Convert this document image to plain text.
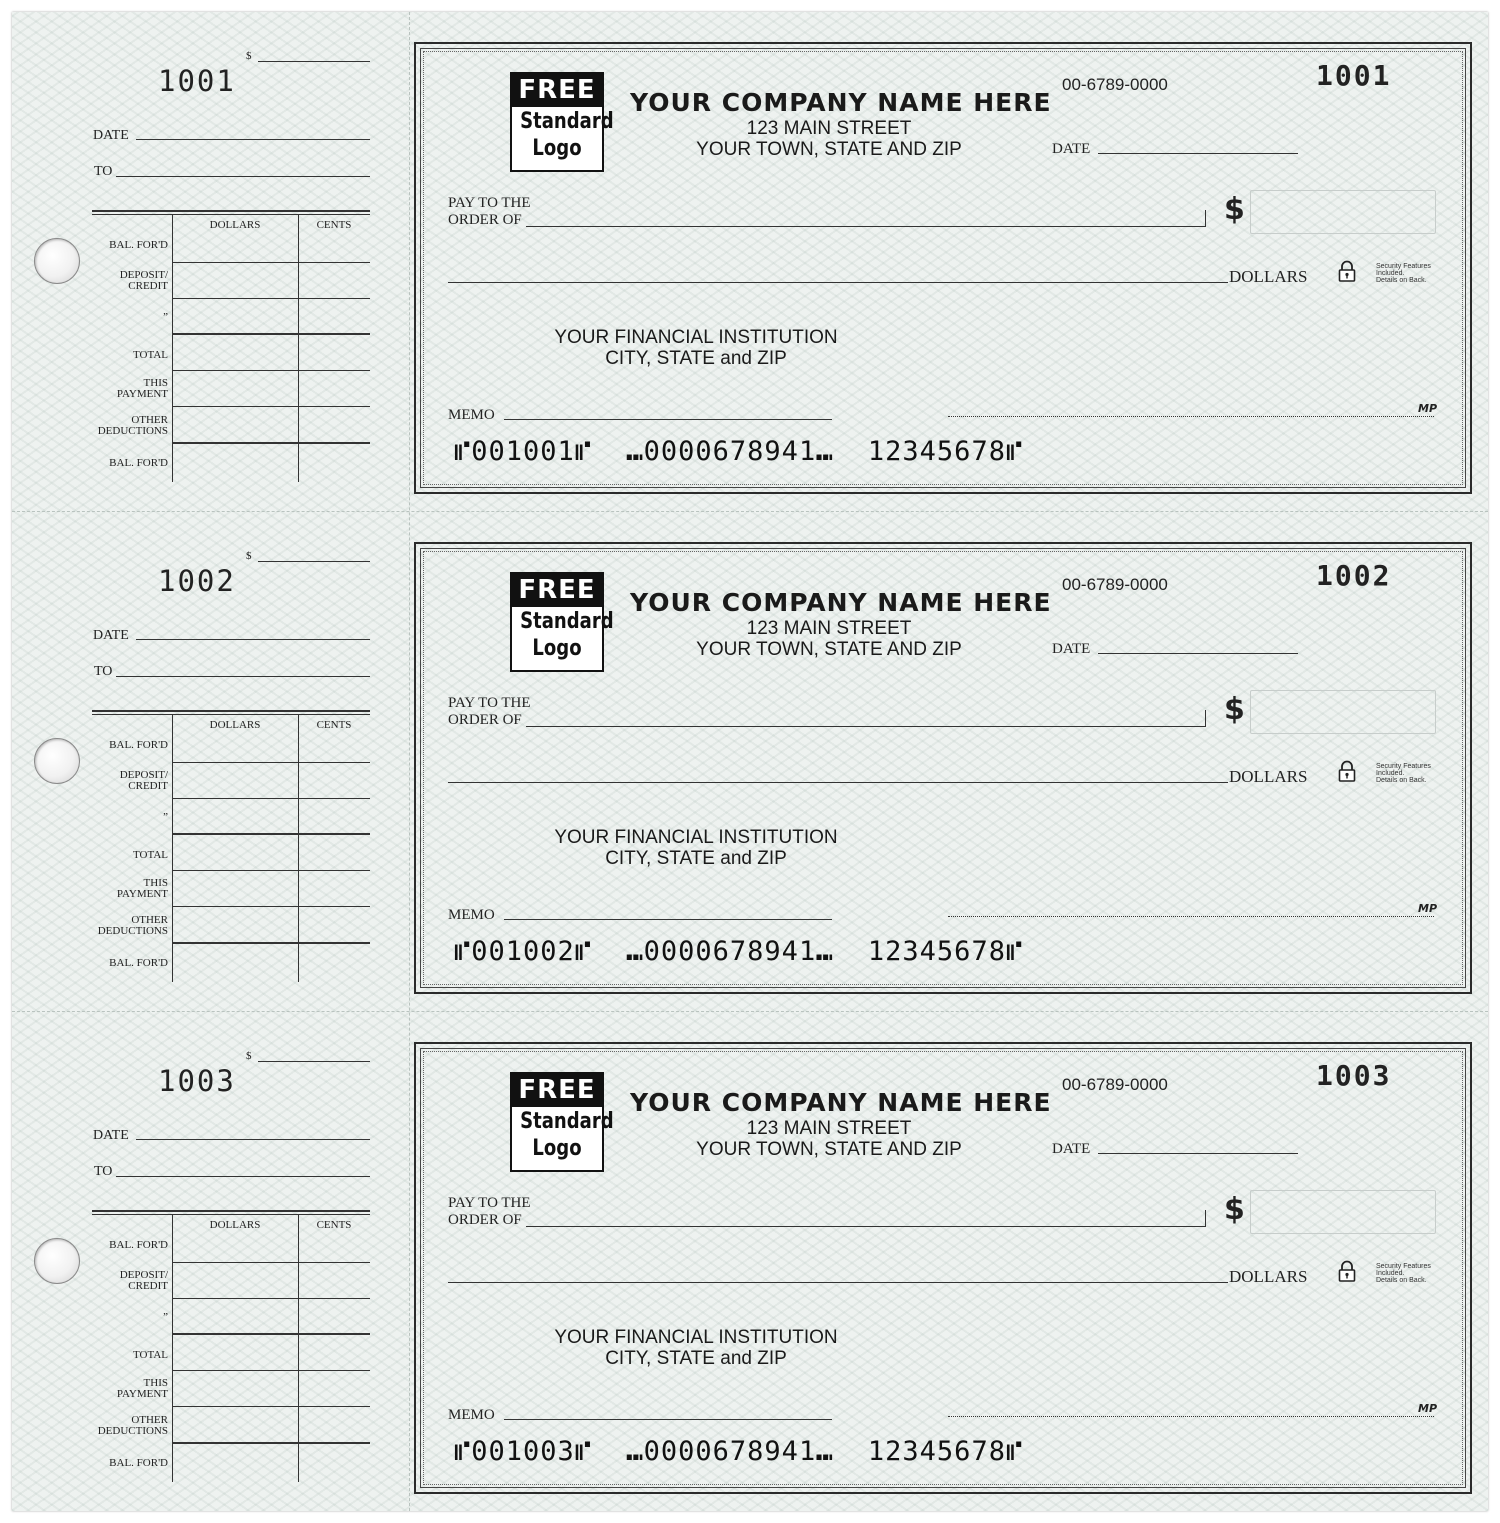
$
1001
DATE
TO
DOLLARS	CENTS
BAL. FOR'D
DEPOSIT/ CREDIT
”
TOTAL
THIS PAYMENT
OTHER DEDUCTIONS
BAL. FOR'D
FREE
Standard
Logo
YOUR COMPANY NAME HERE
123 MAIN STREET
YOUR TOWN, STATE AND ZIP
00-6789-0000	1001
DATE
PAY TO THE
ORDER OF	$
DOLLARS
Security Features
Included.
Details on Back.
YOUR FINANCIAL INSTITUTION
CITY, STATE and ZIP
MEMO	MP
⑈001001⑈  ⑉0000678941⑉  12345678⑈
$
1002
DATE
TO
DOLLARS	CENTS
BAL. FOR'D
DEPOSIT/ CREDIT
”
TOTAL
THIS PAYMENT
OTHER DEDUCTIONS
BAL. FOR'D
FREE
Standard
Logo
YOUR COMPANY NAME HERE
123 MAIN STREET
YOUR TOWN, STATE AND ZIP
00-6789-0000	1002
DATE
PAY TO THE
ORDER OF	$
DOLLARS
Security Features
Included.
Details on Back.
YOUR FINANCIAL INSTITUTION
CITY, STATE and ZIP
MEMO	MP
⑈001002⑈  ⑉0000678941⑉  12345678⑈
$
1003
DATE
TO
DOLLARS	CENTS
BAL. FOR'D
DEPOSIT/ CREDIT
”
TOTAL
THIS PAYMENT
OTHER DEDUCTIONS
BAL. FOR'D
FREE
Standard
Logo
YOUR COMPANY NAME HERE
123 MAIN STREET
YOUR TOWN, STATE AND ZIP
00-6789-0000	1003
DATE
PAY TO THE
ORDER OF	$
DOLLARS
Security Features
Included.
Details on Back.
YOUR FINANCIAL INSTITUTION
CITY, STATE and ZIP
MEMO	MP
⑈001003⑈  ⑉0000678941⑉  12345678⑈
